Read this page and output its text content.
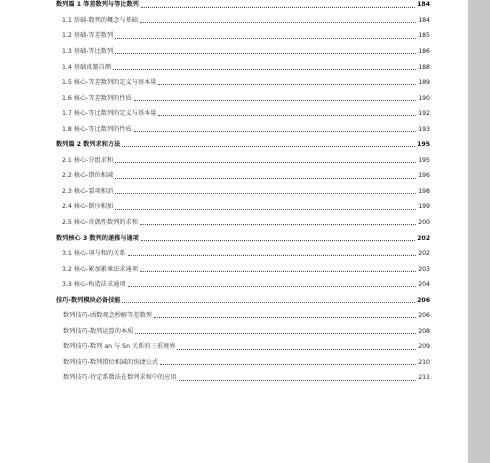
数列篇 1 等差数列与等比数列	184
1.1 基础-数列的概念与基础	184
1.2 基础-等差数列	185
1.3 基础-等比数列	186
1.4 基础真题自测	188
1.5 核心-等差数列的定义与基本量	189
1.6 核心-等差数列的性质	190
1.7 核心-等比数列的定义与基本量	192
1.8 核心-等比数列的性质	193
数列篇 2 数列求和方法	195
2.1 核心-分组求和	195
2.2 核心-错位相减	196
2.3 核心-裂项相消	198
2.4 核心-倒序相加	199
2.5 核心-奇偶性数列的求和	200
数列核心 3 数列的递推与通项	202
3.1 核心-项与和的关系	202
3.2 核心-累加累乘法求通项	203
3.3 核心-构造法求通项	204
技巧-数列模块必备技能	206
数列技巧-函数观念秒解等差数列	206
数列技巧-数列运算的本质	208
数列技巧-数列 an 与 Sn 关系的三重境界	209
数列技巧-数列错位相减的快捷公式	210
数列技巧-待定系数法在数列求和中的应用	211
